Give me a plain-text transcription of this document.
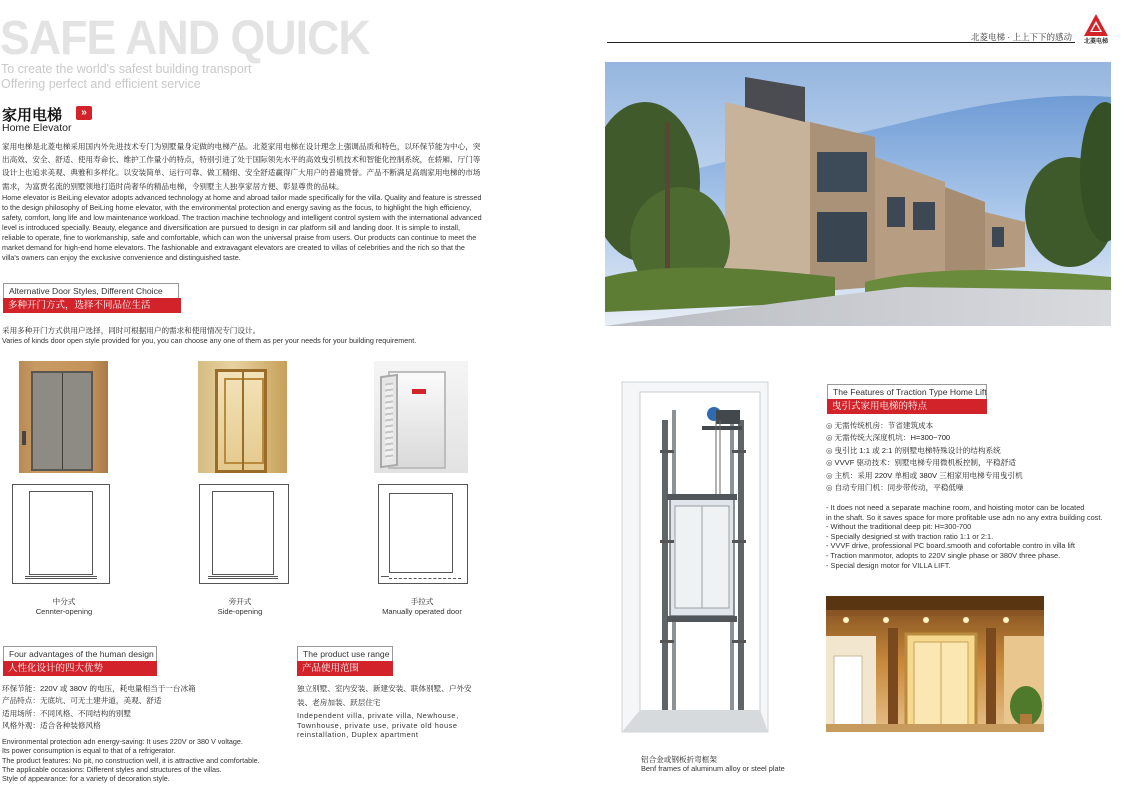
SAFE AND QUICK
To create the world's safest building transport
Offering perfect and efficient service
北菱电梯 · 上上下下的感动	北菱电梯
家用电梯	»
Home Elevator
家用电梯是北菱电梯采用国内外先进技术专门为别墅量身定做的电梯产品。北菱家用电梯在设计理念上强调品质和特色，以环保节能为中心，突出高效、安全、舒适、使用寿命长、维护工作量小的特点，特别引进了处于国际领先水平的高效曳引机技术和智能化控制系统，在轿厢、厅门等设计上也追求美观、典雅和多样化。以安装简单、运行可靠、做工精细、安全舒适赢得广大用户的普遍赞誉。产品不断满足高端家用电梯的市场需求，为富贾名流的别墅领地打造时尚奢华的精品电梯，令别墅主人独享家居方便、彰显尊贵的品味。
Home elevator is BeiLing elevator adopts advanced technology at home and abroad tailor made specifically for the villa. Quality and feature is stressed to the design philosophy of BeiLing home elevator, with the environmental protection and energy saving as the focus, to highlight the high efficiency, safety, comfort, long life and low maintenance workload. The traction machine technology and intelligent control system with the international advanced level is introduced specially. Beauty, elegance and diversification are pursued to design in car platform sill and landing door. It is simple to install, reliable to operate, fine to workmanship, safe and comfortable, which can won the universal praise from users. Our products can continue to meet the market demand for high-end home elevators. The fashionable and extravagant elevators are created to villas of celebrities and the rich so that the villa's owners can enjoy the exclusive convenience and distinguished taste.
Alternative Door Styles, Different Choice
多种开门方式，选择不同品位生活
采用多种开门方式供用户选择，同时可根据用户的需求和使用情况专门设计。
Varies of kinds door open style provided for you, you can choose any one of them as per your needs for your building requirement.
中分式
Cennter-opening
旁开式
Side-opening
手拉式
Manually operated door
Four advantages of the human design
人性化设计的四大优势
环保节能：220V 或 380V 的电压，耗电量相当于一台冰箱
产品特点：无底坑、可无土建井道，美观、舒适
适用场所：不同风格、不同结构的别墅
风格外观：适合各种装修风格
Environmental protection adn energy-saving: It uses 220V or 380 V voltage.
Its power consumption is equal to that of a refrigerator.
The product features: No pit, no construction well, it is attractive and comfortable.
The applicable occasions: Different styles and structures of the villas.
Style of appearance: for a variety of decoration style.
The product use range
产品使用范围
独立别墅、室内安装、新建安装、联体别墅、户外安装、老房加装、跃层住宅
Independent villa, private villa, Newhouse, Townhouse, private use, private old house reinstallation, Duplex apartment
铝合金或钢板折弯框架
Benf frames of aluminum alloy or steel plate
The Features of Traction Type Home Lift
曳引式家用电梯的特点
◎ 无需传统机房：节省建筑成本
◎ 无需传统大深度机坑：H=300~700
◎ 曳引比 1:1 或 2:1 的别墅电梯特殊设计的结构系统
◎ VVVF 驱动技术：别墅电梯专用微机板控制，平稳舒适
◎ 主机：采用 220V 单相或 380V 三相家用电梯专用曳引机
◎ 自动专用门机：同步带传动，平稳低噪
- It does not need a separate machine room, and hoisting motor can be located
in the shaft. So it saves space for more profitable use adn no any extra building cost.
- Without the traditional deep pit: H=300-700
- Specially designed st with traction ratio 1:1 or 2:1.
- VVVF drive, professional PC board.smooth and cofortable contro in villa lift
- Traction manmotor, adopts to 220V single phase or 380V three phase.
- Special design motor for VILLA LIFT.
